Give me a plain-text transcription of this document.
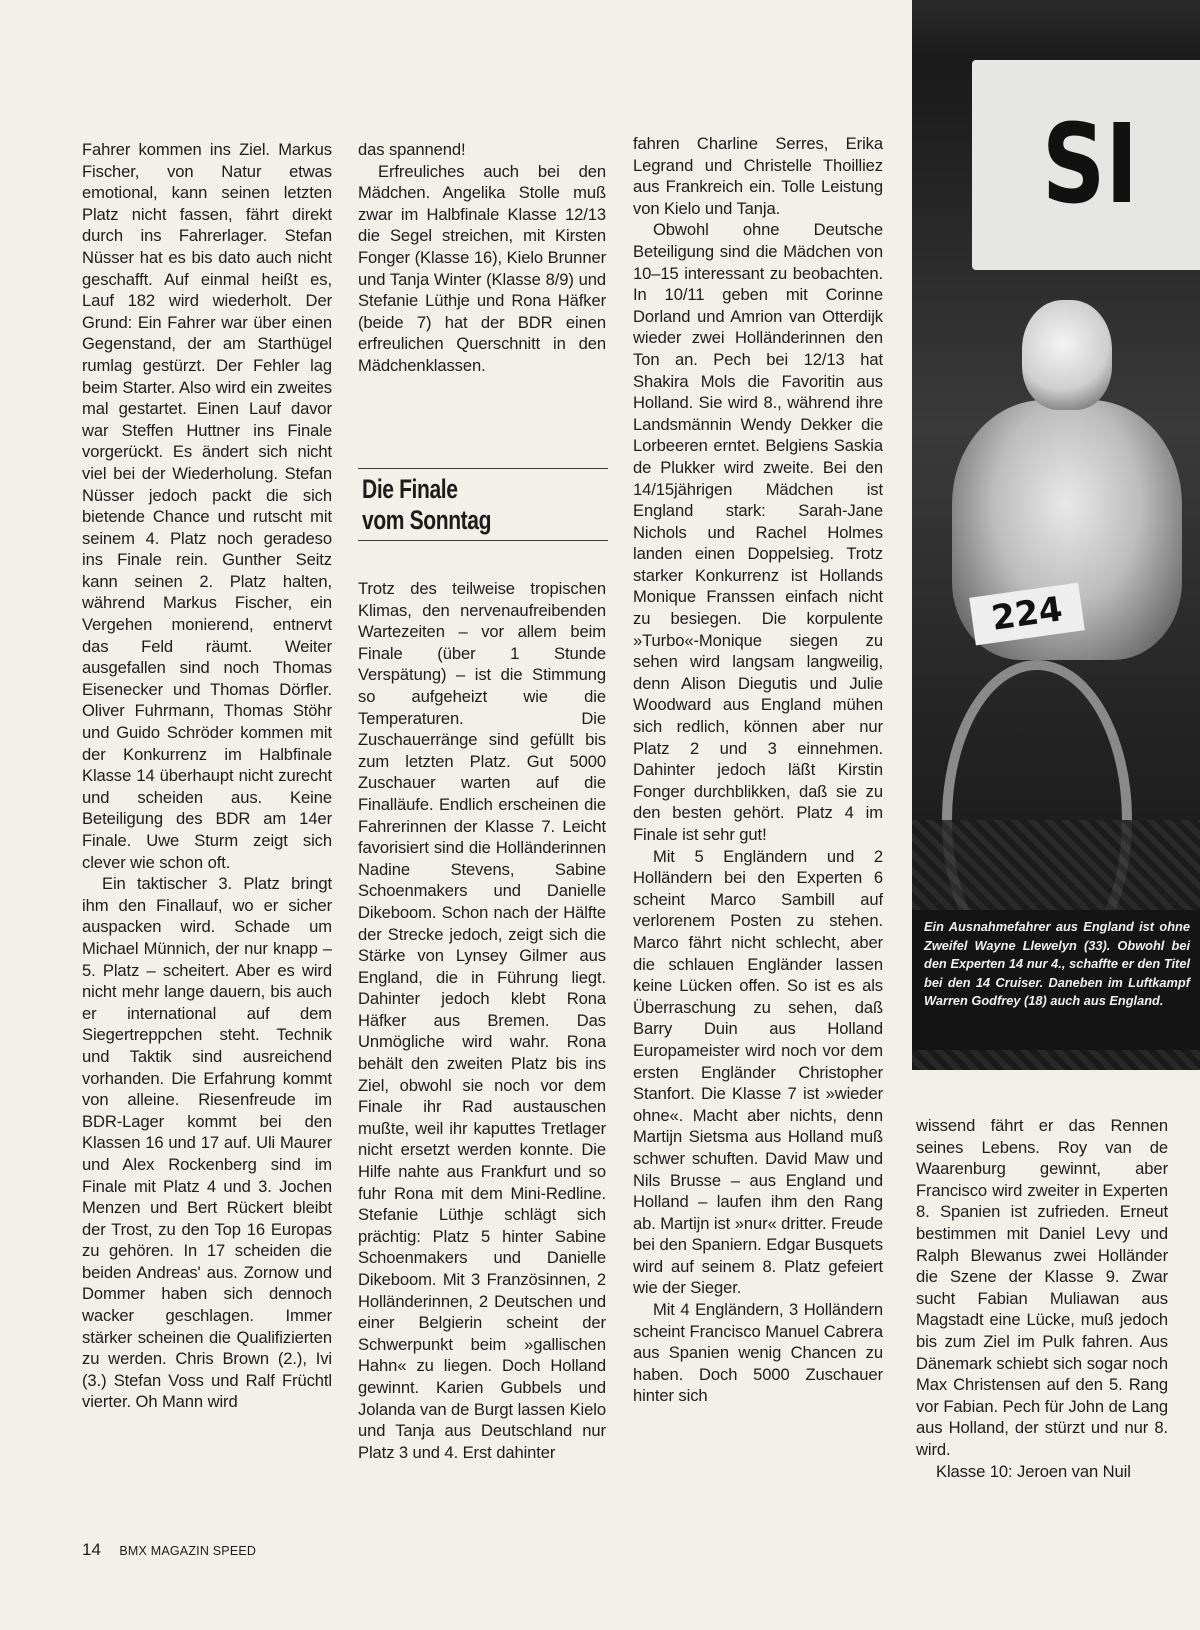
Fahrer kommen ins Ziel. Markus Fischer, von Natur etwas emotional, kann seinen letzten Platz nicht fassen, fährt direkt durch ins Fahrerlager. Stefan Nüsser hat es bis dato auch nicht geschafft. Auf einmal heißt es, Lauf 182 wird wiederholt. Der Grund: Ein Fahrer war über einen Gegenstand, der am Starthügel rumlag gestürzt. Der Fehler lag beim Starter. Also wird ein zweites mal gestartet. Einen Lauf davor war Steffen Huttner ins Finale vorgerückt. Es ändert sich nicht viel bei der Wiederholung. Stefan Nüsser jedoch packt die sich bietende Chance und rutscht mit seinem 4. Platz noch geradeso ins Finale rein. Gunther Seitz kann seinen 2. Platz halten, während Markus Fischer, ein Vergehen monierend, entnervt das Feld räumt. Weiter ausgefallen sind noch Thomas Eisenecker und Thomas Dörfler. Oliver Fuhrmann, Thomas Stöhr und Guido Schröder kommen mit der Konkurrenz im Halbfinale Klasse 14 überhaupt nicht zurecht und scheiden aus. Keine Beteiligung des BDR am 14er Finale. Uwe Sturm zeigt sich clever wie schon oft.

Ein taktischer 3. Platz bringt ihm den Finallauf, wo er sicher auspacken wird. Schade um Michael Münnich, der nur knapp – 5. Platz – scheitert. Aber es wird nicht mehr lange dauern, bis auch er international auf dem Siegertreppchen steht. Technik und Taktik sind ausreichend vorhanden. Die Erfahrung kommt von alleine. Riesenfreude im BDR-Lager kommt bei den Klassen 16 und 17 auf. Uli Maurer und Alex Rockenberg sind im Finale mit Platz 4 und 3. Jochen Menzen und Bert Rückert bleibt der Trost, zu den Top 16 Europas zu gehören. In 17 scheiden die beiden Andreas' aus. Zornow und Dommer haben sich dennoch wacker geschlagen. Immer stärker scheinen die Qualifizierten zu werden. Chris Brown (2.), Ivi (3.) Stefan Voss und Ralf Früchtl vierter. Oh Mann wird

das spannend!

Erfreuliches auch bei den Mädchen. Angelika Stolle muß zwar im Halbfinale Klasse 12/13 die Segel streichen, mit Kirsten Fonger (Klasse 16), Kielo Brunner und Tanja Winter (Klasse 8/9) und Stefanie Lüthje und Rona Häfker (beide 7) hat der BDR einen erfreulichen Querschnitt in den Mädchenklassen.

Die Finale
vom Sonntag

Trotz des teilweise tropischen Klimas, den nervenaufreibenden Wartezeiten – vor allem beim Finale (über 1 Stunde Verspätung) – ist die Stimmung so aufgeheizt wie die Temperaturen. Die Zuschauerränge sind gefüllt bis zum letzten Platz. Gut 5000 Zuschauer warten auf die Finalläufe. Endlich erscheinen die Fahrerinnen der Klasse 7. Leicht favorisiert sind die Holländerinnen Nadine Stevens, Sabine Schoenmakers und Danielle Dikeboom. Schon nach der Hälfte der Strecke jedoch, zeigt sich die Stärke von Lynsey Gilmer aus England, die in Führung liegt. Dahinter jedoch klebt Rona Häfker aus Bremen. Das Unmögliche wird wahr. Rona behält den zweiten Platz bis ins Ziel, obwohl sie noch vor dem Finale ihr Rad austauschen mußte, weil ihr kaputtes Tretlager nicht ersetzt werden konnte. Die Hilfe nahte aus Frankfurt und so fuhr Rona mit dem Mini-Redline. Stefanie Lüthje schlägt sich prächtig: Platz 5 hinter Sabine Schoenmakers und Danielle Dikeboom. Mit 3 Französinnen, 2 Holländerinnen, 2 Deutschen und einer Belgierin scheint der Schwerpunkt beim »gallischen Hahn« zu liegen. Doch Holland gewinnt. Karien Gubbels und Jolanda van de Burgt lassen Kielo und Tanja aus Deutschland nur Platz 3 und 4. Erst dahinter

fahren Charline Serres, Erika Legrand und Christelle Thoilliez aus Frankreich ein. Tolle Leistung von Kielo und Tanja.

Obwohl ohne Deutsche Beteiligung sind die Mädchen von 10–15 interessant zu beobachten. In 10/11 geben mit Corinne Dorland und Amrion van Otterdijk wieder zwei Holländerinnen den Ton an. Pech bei 12/13 hat Shakira Mols die Favoritin aus Holland. Sie wird 8., während ihre Landsmännin Wendy Dekker die Lorbeeren erntet. Belgiens Saskia de Plukker wird zweite. Bei den 14/15jährigen Mädchen ist England stark: Sarah-Jane Nichols und Rachel Holmes landen einen Doppelsieg. Trotz starker Konkurrenz ist Hollands Monique Franssen einfach nicht zu besiegen. Die korpulente »Turbo«-Monique siegen zu sehen wird langsam langweilig, denn Alison Diegutis und Julie Woodward aus England mühen sich redlich, können aber nur Platz 2 und 3 einnehmen. Dahinter jedoch läßt Kirstin Fonger durchblikken, daß sie zu den besten gehört. Platz 4 im Finale ist sehr gut!

Mit 5 Engländern und 2 Holländern bei den Experten 6 scheint Marco Sambill auf verlorenem Posten zu stehen. Marco fährt nicht schlecht, aber die schlauen Engländer lassen keine Lücken offen. So ist es als Überraschung zu sehen, daß Barry Duin aus Holland Europameister wird noch vor dem ersten Engländer Christopher Stanfort. Die Klasse 7 ist »wieder ohne«. Macht aber nichts, denn Martijn Sietsma aus Holland muß schwer schuften. David Maw und Nils Brusse – aus England und Holland – laufen ihm den Rang ab. Martijn ist »nur« dritter. Freude bei den Spaniern. Edgar Busquets wird auf seinem 8. Platz gefeiert wie der Sieger.

Mit 4 Engländern, 3 Holländern scheint Francisco Manuel Cabrera aus Spanien wenig Chancen zu haben. Doch 5000 Zuschauer hinter sich

SI
224
Ein Ausnahmefahrer aus England ist ohne Zweifel Wayne Llewelyn (33). Obwohl bei den Experten 14 nur 4., schaffte er den Titel bei den 14 Cruiser. Daneben im Luftkampf Warren Godfrey (18) auch aus England.

wissend fährt er das Rennen seines Lebens. Roy van de Waarenburg gewinnt, aber Francisco wird zweiter in Experten 8. Spanien ist zufrieden. Erneut bestimmen mit Daniel Levy und Ralph Blewanus zwei Holländer die Szene der Klasse 9. Zwar sucht Fabian Muliawan aus Magstadt eine Lücke, muß jedoch bis zum Ziel im Pulk fahren. Aus Dänemark schiebt sich sogar noch Max Christensen auf den 5. Rang vor Fabian. Pech für John de Lang aus Holland, der stürzt und nur 8. wird.

Klasse 10: Jeroen van Nuil

14 BMX MAGAZIN SPEED
